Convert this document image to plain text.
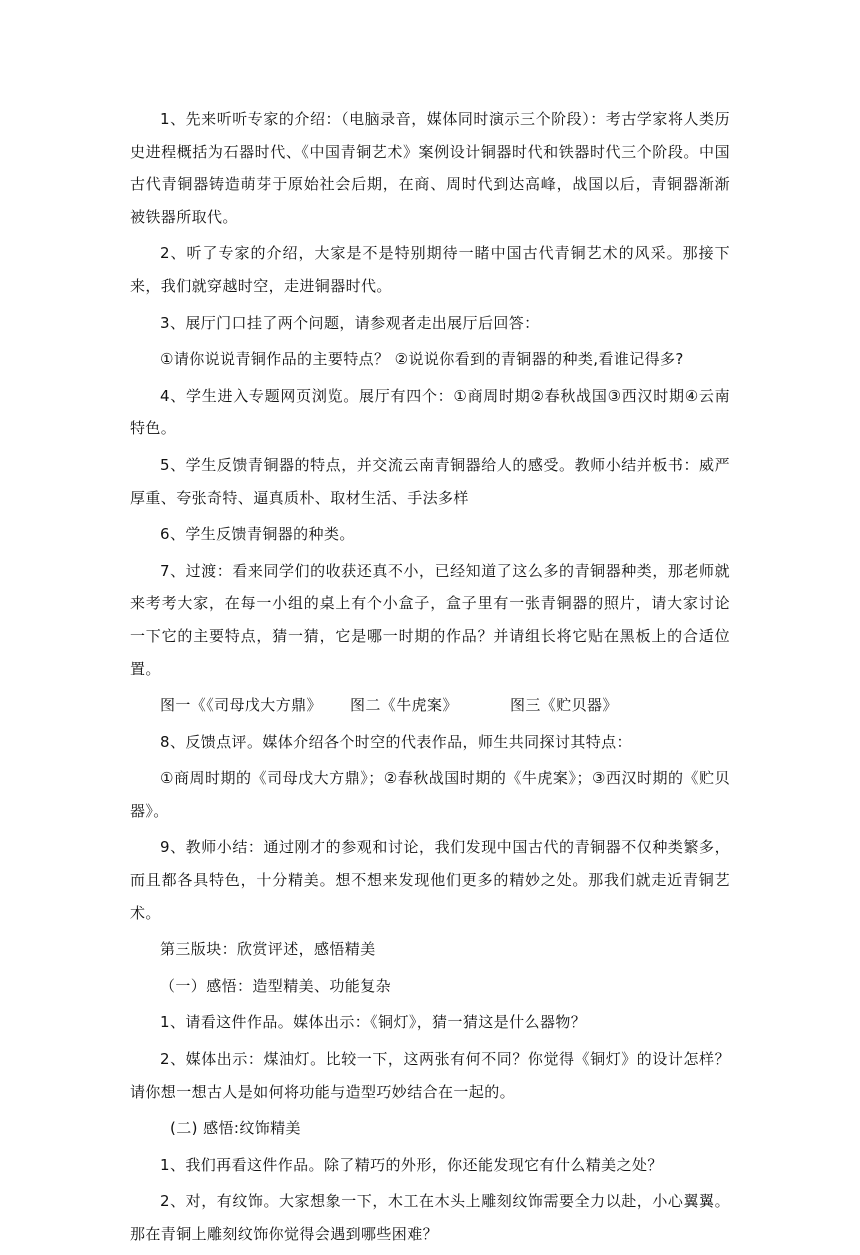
1、先来听听专家的介绍：（电脑录音，媒体同时演示三个阶段）：考古学家将人类历史进程概括为石器时代、《中国青铜艺术》案例设计铜器时代和铁器时代三个阶段。中国古代青铜器铸造萌芽于原始社会后期，在商、周时代到达高峰，战国以后，青铜器渐渐被铁器所取代。

2、听了专家的介绍，大家是不是特别期待一睹中国古代青铜艺术的风采。那接下来，我们就穿越时空，走进铜器时代。

3、展厅门口挂了两个问题，请参观者走出展厅后回答：

①请你说说青铜作品的主要特点？ ②说说你看到的青铜器的种类,看谁记得多?

4、学生进入专题网页浏览。展厅有四个：①商周时期②春秋战国③西汉时期④云南特色。

5、学生反馈青铜器的特点，并交流云南青铜器给人的感受。教师小结并板书：威严厚重、夸张奇特、逼真质朴、取材生活、手法多样

6、学生反馈青铜器的种类。

7、过渡：看来同学们的收获还真不小，已经知道了这么多的青铜器种类，那老师就来考考大家，在每一小组的桌上有个小盒子，盒子里有一张青铜器的照片，请大家讨论一下它的主要特点，猜一猜，它是哪一时期的作品？并请组长将它贴在黑板上的合适位置。

图一《《司母戊大方鼎》	图二《牛虎案》	图三《贮贝器》

8、反馈点评。媒体介绍各个时空的代表作品，师生共同探讨其特点：

①商周时期的《司母戊大方鼎》；②春秋战国时期的《牛虎案》；③西汉时期的《贮贝器》。

9、教师小结：通过刚才的参观和讨论，我们发现中国古代的青铜器不仅种类繁多，而且都各具特色，十分精美。想不想来发现他们更多的精妙之处。那我们就走近青铜艺术。

第三版块：欣赏评述，感悟精美

（一）感悟：造型精美、功能复杂

1、请看这件作品。媒体出示：《铜灯》，猜一猜这是什么器物？

2、媒体出示：煤油灯。比较一下，这两张有何不同？你觉得《铜灯》的设计怎样？请你想一想古人是如何将功能与造型巧妙结合在一起的。

(二) 感悟:纹饰精美

1、我们再看这件作品。除了精巧的外形，你还能发现它有什么精美之处？

2、对，有纹饰。大家想象一下，木工在木头上雕刻纹饰需要全力以赴，小心翼翼。那在青铜上雕刻纹饰你觉得会遇到哪些困难？
